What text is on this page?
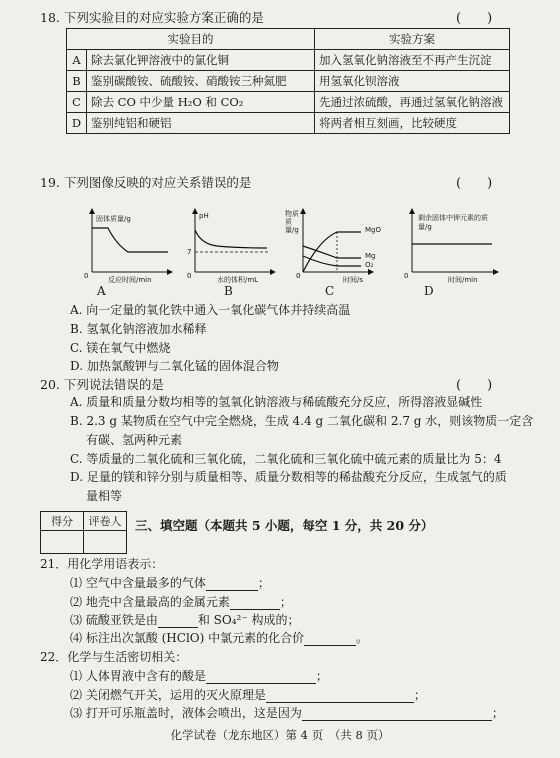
18. 下列实验目的对应实验方案正确的是	(　　)
实验目的		实验方案
A	除去氯化钾溶液中的氯化铜	加入氢氧化钠溶液至不再产生沉淀
B	鉴别碳酸铵、硫酸铵、硝酸铵三种氮肥	用氢氧化钡溶液
C	除去 CO 中少量 H₂O 和 CO₂	先通过浓硫酸，再通过氢氧化钠溶液
D	鉴别纯铝和硬铝	将两者相互刻画，比较硬度
19. 下列图像反映的对应关系错误的是	(　　)
固体质量/g
0	反应时间/min
A
pH
7
0	水的体积/mL
B
物质质量/g	MgO
Mg
O₂
0	时间/s
C
剩余固体中钾元素的质量/g
0	时间/min
D
A. 向一定量的氧化铁中通入一氧化碳气体并持续高温
B. 氢氧化钠溶液加水稀释
C. 镁在氧气中燃烧
D. 加热氯酸钾与二氧化锰的固体混合物
20. 下列说法错误的是	(　　)
A. 质量和质量分数均相等的氢氧化钠溶液与稀硫酸充分反应，所得溶液显碱性
B. 2.3 g 某物质在空气中完全燃烧，生成 4.4 g 二氧化碳和 2.7 g 水，则该物质一定含
有碳、氢两种元素
C. 等质量的二氧化硫和三氧化硫，二氧化硫和三氧化硫中硫元素的质量比为 5：4
D. 足量的镁和锌分别与质量相等、质量分数相等的稀盐酸充分反应，生成氢气的质
量相等
得分	评卷人
	三、填空题（本题共 5 小题，每空 1 分，共 20 分）
21．用化学用语表示：
⑴ 空气中含量最多的气体	；
⑵ 地壳中含量最高的金属元素	；
⑶ 硫酸亚铁是由	和 SO₄²⁻ 构成的；
⑷ 标注出次氯酸 (HClO) 中氯元素的化合价	。
22．化学与生活密切相关：
⑴ 人体胃液中含有的酸是	；
⑵ 关闭燃气开关，运用的灭火原理是	；
⑶ 打开可乐瓶盖时，液体会喷出，这是因为	；
化学试卷（龙东地区）第 4 页　（共 8 页）
